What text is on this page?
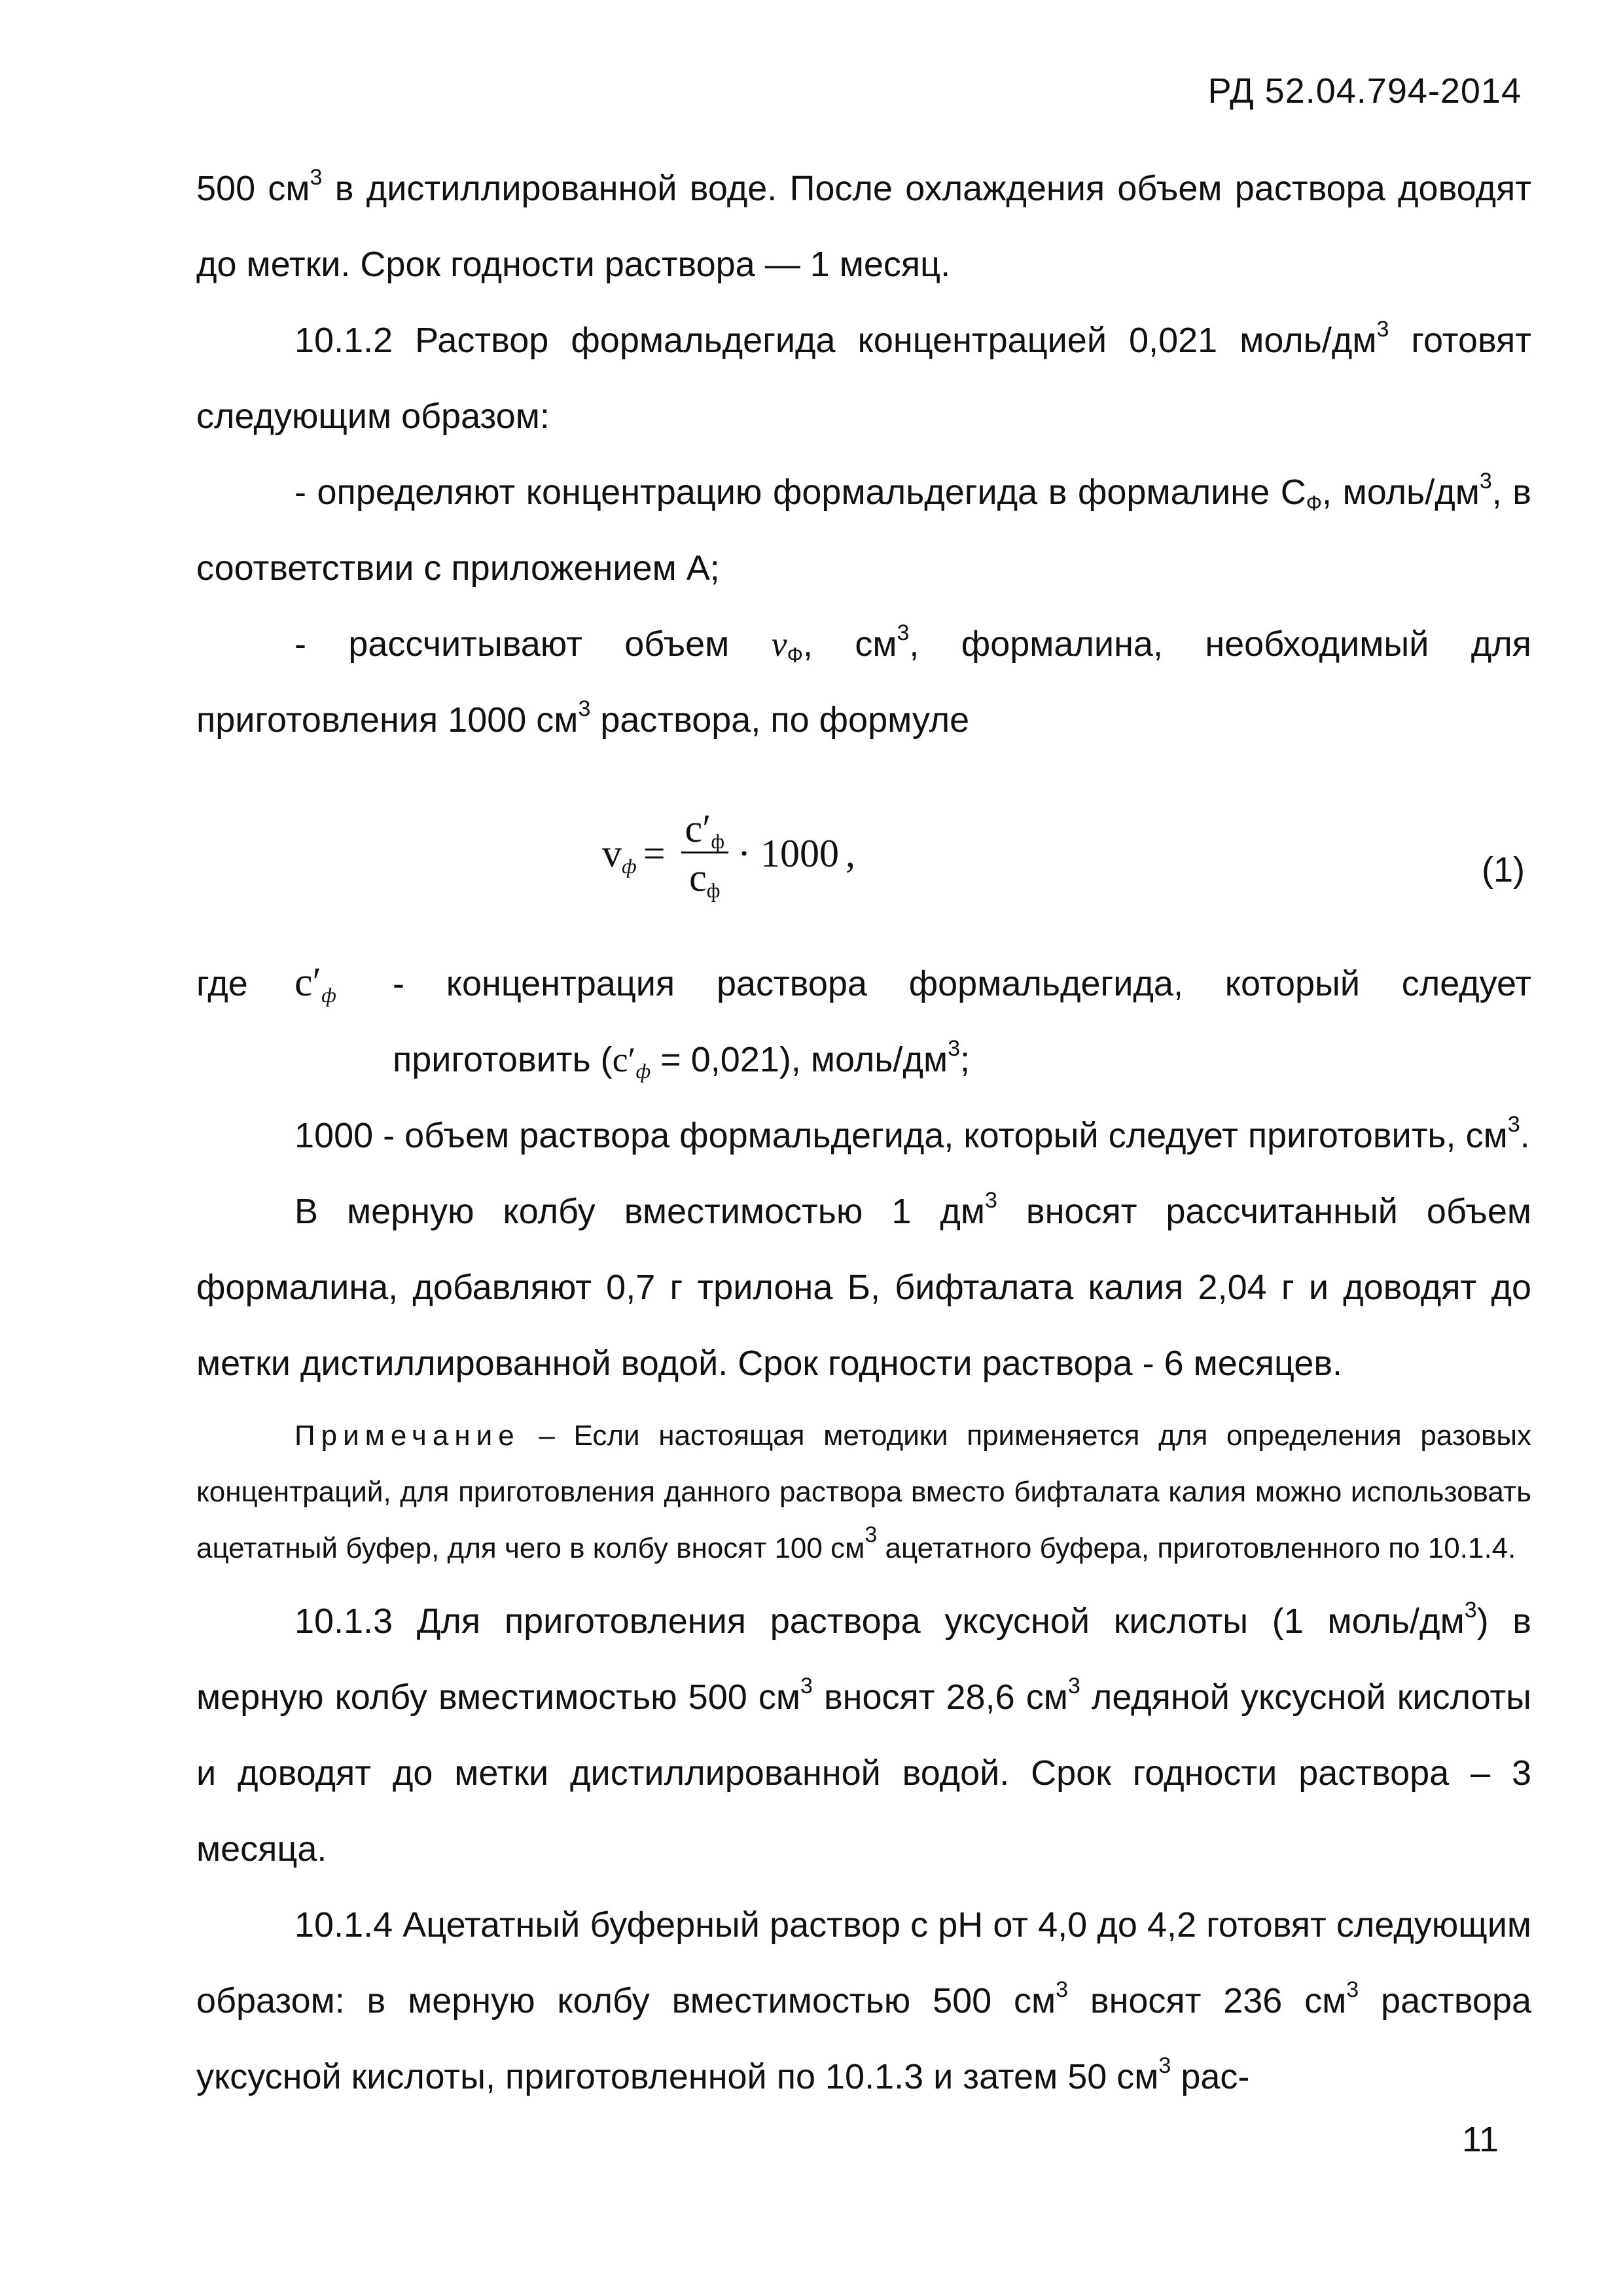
РД 52.04.794-2014

500 $см^3$ в дистиллированной воде. После охлаждения объем раствора доводят до метки. Срок годности раствора — 1 месяц.

10.1.2 Раствор формальдегида концентрацией 0,021 моль/$дм^3$ готовят следующим образом:

- определяют концентрацию формальдегида в формалине $С_Ф$, моль/$дм^3$, в соответствии с приложением А;

- рассчитывают объем $v_Ф$, $см^3$, формалина, необходимый для приготовления 1000 $см^3$ раствора, по формуле

$v_ф = \frac{c'_ф}{c_ф} \cdot 1000$ ,	(1)
где	$c'_ф$	- концентрация раствора формальдегида, который следует приготовить $(c'_ф = 0,021)$, моль/$дм^3$;

1000 - объем раствора формальдегида, который следует приготовить, $см^3$.

В мерную колбу вместимостью 1 $дм^3$ вносят рассчитанный объем формалина, добавляют 0,7 г трилона Б, бифталата калия 2,04 г и доводят до метки дистиллированной водой. Срок годности раствора - 6 месяцев.

Примечание – Если настоящая методики применяется для определения разовых концентраций, для приготовления данного раствора вместо бифталата калия можно использовать ацетатный буфер, для чего в колбу вносят 100 $см^3$ ацетатного буфера, приготовленного по 10.1.4.

10.1.3 Для приготовления раствора уксусной кислоты (1 моль/$дм^3$) в мерную колбу вместимостью 500 $см^3$ вносят 28,6 $см^3$ ледяной уксусной кислоты и доводят до метки дистиллированной водой. Срок годности раствора – 3 месяца.

10.1.4 Ацетатный буферный раствор с рН от 4,0 до 4,2 готовят следующим образом: в мерную колбу вместимостью 500 $см^3$ вносят 236 $см^3$ раствора уксусной кислоты, приготовленной по 10.1.3 и затем 50 $см^3$ рас-

11
